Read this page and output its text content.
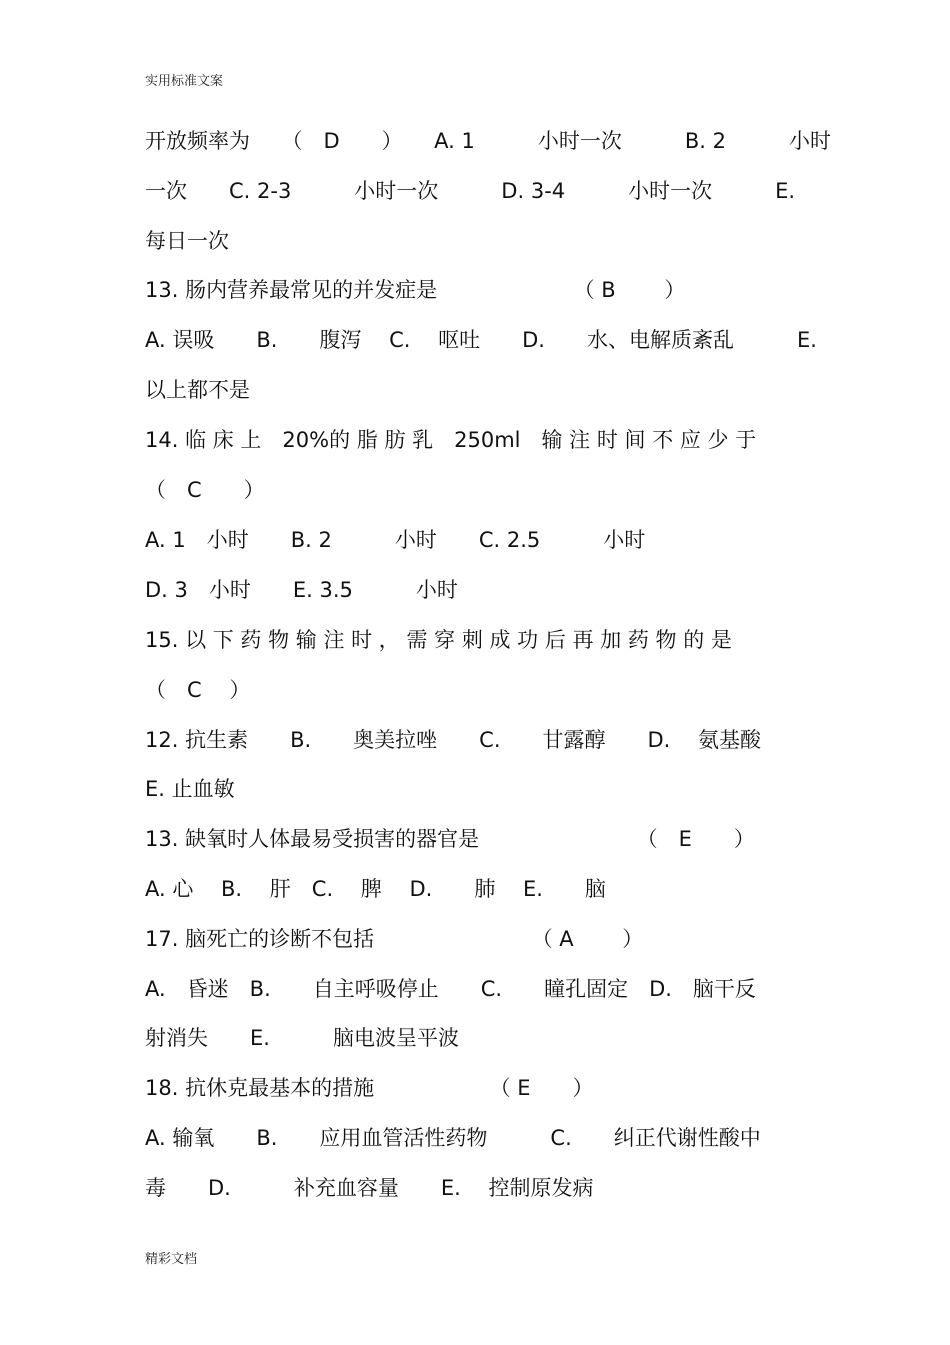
实用标准文案
开放频率为　　（　D　　）　　A. 1　　　小时一次　　　B. 2　　　小时
一次　　C. 2-3　　　小时一次　　　D. 3-4　　　小时一次　　　E.
每日一次
13. 肠内营养最常见的并发症是　　　　　　　（ B　　 ）
A. 误吸　　B.　　腹泻　 C.　 呕吐　　D.　　水、电解质紊乱　　　E.
以上都不是
14. 临 床 上　20%的 脂 肪 乳　250ml　输 注 时 间 不 应 少 于
（　C　　）
A. 1　小时　　B. 2　　　小时　　C. 2.5　　　小时
D. 3　小时　　E. 3.5　　　小时
15. 以 下 药 物 输 注 时 ， 需 穿 刺 成 功 后 再 加 药 物 的 是
（　C　 ）
12. 抗生素　　B.　　奥美拉唑　　C.　　甘露醇　　D.　 氨基酸
E. 止血敏
13. 缺氧时人体最易受损害的器官是　　　　　　　　（　E　　）
A. 心　 B.　 肝　C.　 脾　 D.　　肺　 E.　　脑
17. 脑死亡的诊断不包括　　　　　　　　（ A　　 ）
A.　昏迷　B.　　自主呼吸停止　　C.　　瞳孔固定　D.　脑干反
射消失　　E.　　　脑电波呈平波
18. 抗休克最基本的措施　　　　　　（ E　　）
A. 输氧　　B.　　应用血管活性药物　　　C.　　纠正代谢性酸中
毒　　D.　　　补充血容量　　E.　 控制原发病
精彩文档
